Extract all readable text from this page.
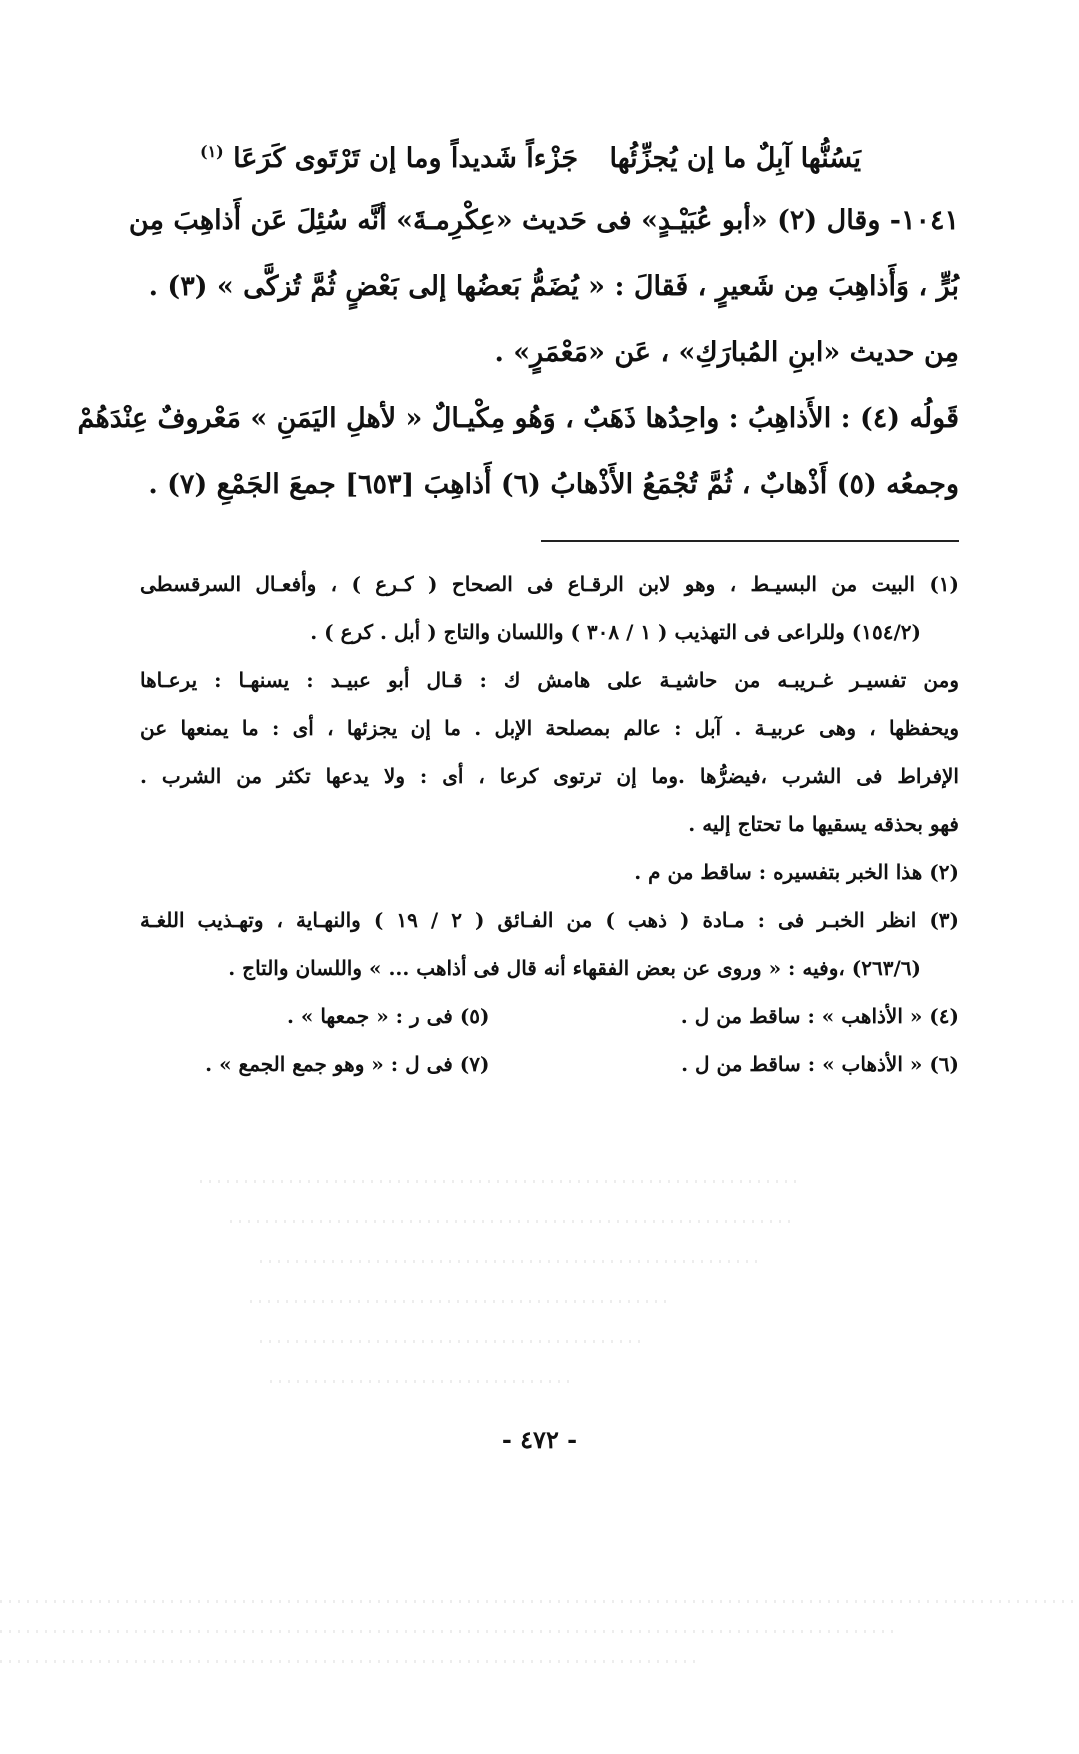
يَسُنُّها آبِلٌ ما إن يُجزِّئُها
جَزْءاً شَديداً وما إن تَرْتَوى كَرَعَا $^{(١)}$
١٠٤١- وقال (٢) «أبو عُبَيْـدٍ» فى حَديث «عِكْرِمـةَ» أنَّه سُئِلَ عَن أَذاهِبَ مِن
بُرٍّ ، وَأَذاهِبَ مِن شَعيرٍ ، فَقالَ : « يُضَمُّ بَعضُها إلى بَعْضٍ ثُمَّ تُزكَّى » (٣) .
مِن حديث «ابنِ المُبارَكِ» ، عَن «مَعْمَرٍ» .
قَولُه (٤) : الأَذاهِبُ : واحِدُها ذَهَبٌ ، وَهُو مِكْيـالٌ « لأهلِ اليَمَنِ » مَعْروفٌ عِنْدَهُمْ
وجمعُه (٥) أَذْهابٌ ، ثُمَّ تُجْمَعُ الأَذْهابُ (٦) أَذاهِبَ [٦٥٣] جمعَ الجَمْعِ (٧) .
(١) البيت من البسيـط ، وهو لابن الرقـاع فى الصحاح ( كـرع ) ، وأفعـال السرقسطى
(١٥٤/٢) وللراعى فى التهذيب ( ١ / ٣٠٨ ) واللسان والتاج ( أبل . كرع ) .
ومن تفسيـر غـريبـه من حاشيـة على هامش ك : قـال أبو عبيـد : يسنهـا : يرعـاها
ويحفظها ، وهى عربيـة . آبل : عالم بمصلحة الإبل . ما إن يجزئها ، أى : ما يمنعها عن
الإفراط فى الشرب ،فيضرُّها .وما إن ترتوى كرعا ، أى : ولا يدعها تكثر من الشرب .
فهو بحذقه يسقيها ما تحتاج إليه .
(٢) هذا الخبر بتفسيره : ساقط من م .
(٣) انظر الخبـر فى : مـادة ( ذهب ) من الفـائق ( ٢ / ١٩ ) والنهـاية ، وتهـذيب اللغـة
(٢٦٣/٦) ،وفيه : « وروى عن بعض الفقهاء أنه قال فى أذاهب ... » واللسان والتاج .
(٤) « الأذاهب » : ساقط من ل .
(٥) فى ر : « جمعها » .
(٦) « الأذهاب » : ساقط من ل .
(٧) فى ل : « وهو جمع الجمع » .
- ٤٧٢ -
